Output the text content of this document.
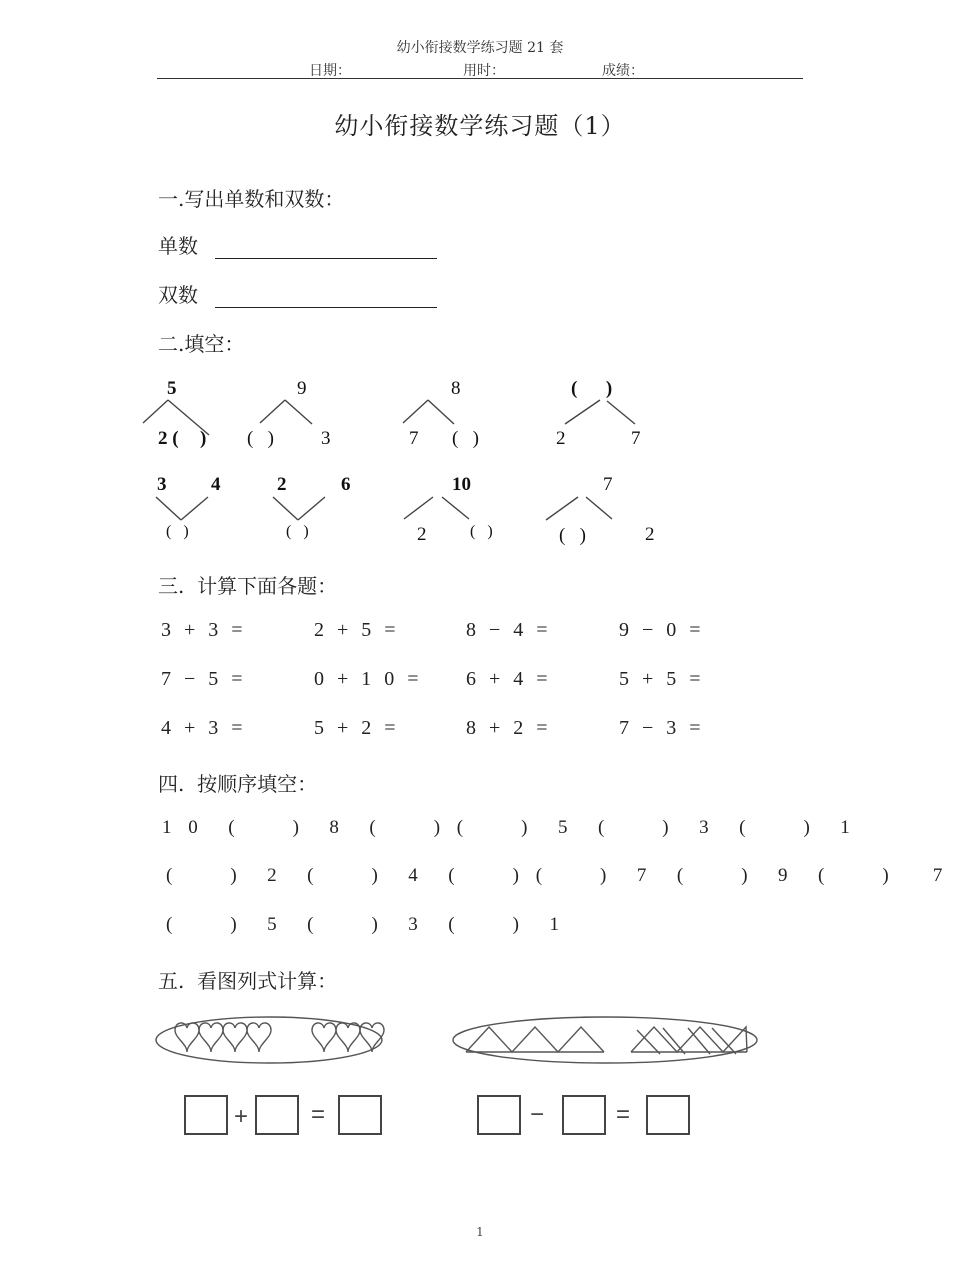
幼小衔接数学练习题 21 套
日期：	用时：	成绩：
幼小衔接数学练习题（1）
一.写出单数和双数：
单数
双数
二.填空：
5
2 ( )
9
(   ) 3
8
7 (   )
(      )
2	7
3 4
(   )
2	6
(   )
10
2	(   )
7
(   )	2
三.  计算下面各题：
3 + 3 =	2 + 5 =	8 − 4 =	9 − 0 =
7 − 5 =	0 + 1 0 = 6 + 4 =	5 + 5 =
4 + 3 =	5 + 2 =	8 + 2 =	7 − 3 =
四.  按顺序填空：
1 0  (    )  8  (    ) (    )  5  (    )  3  (    )  1
(    )  2  (    )  4  (    ) (    )  7  (    )  9  (    )   7
(    )  5  (    )  3  (    )  1
五.  看图列式计算：
+	=	−	=
1
